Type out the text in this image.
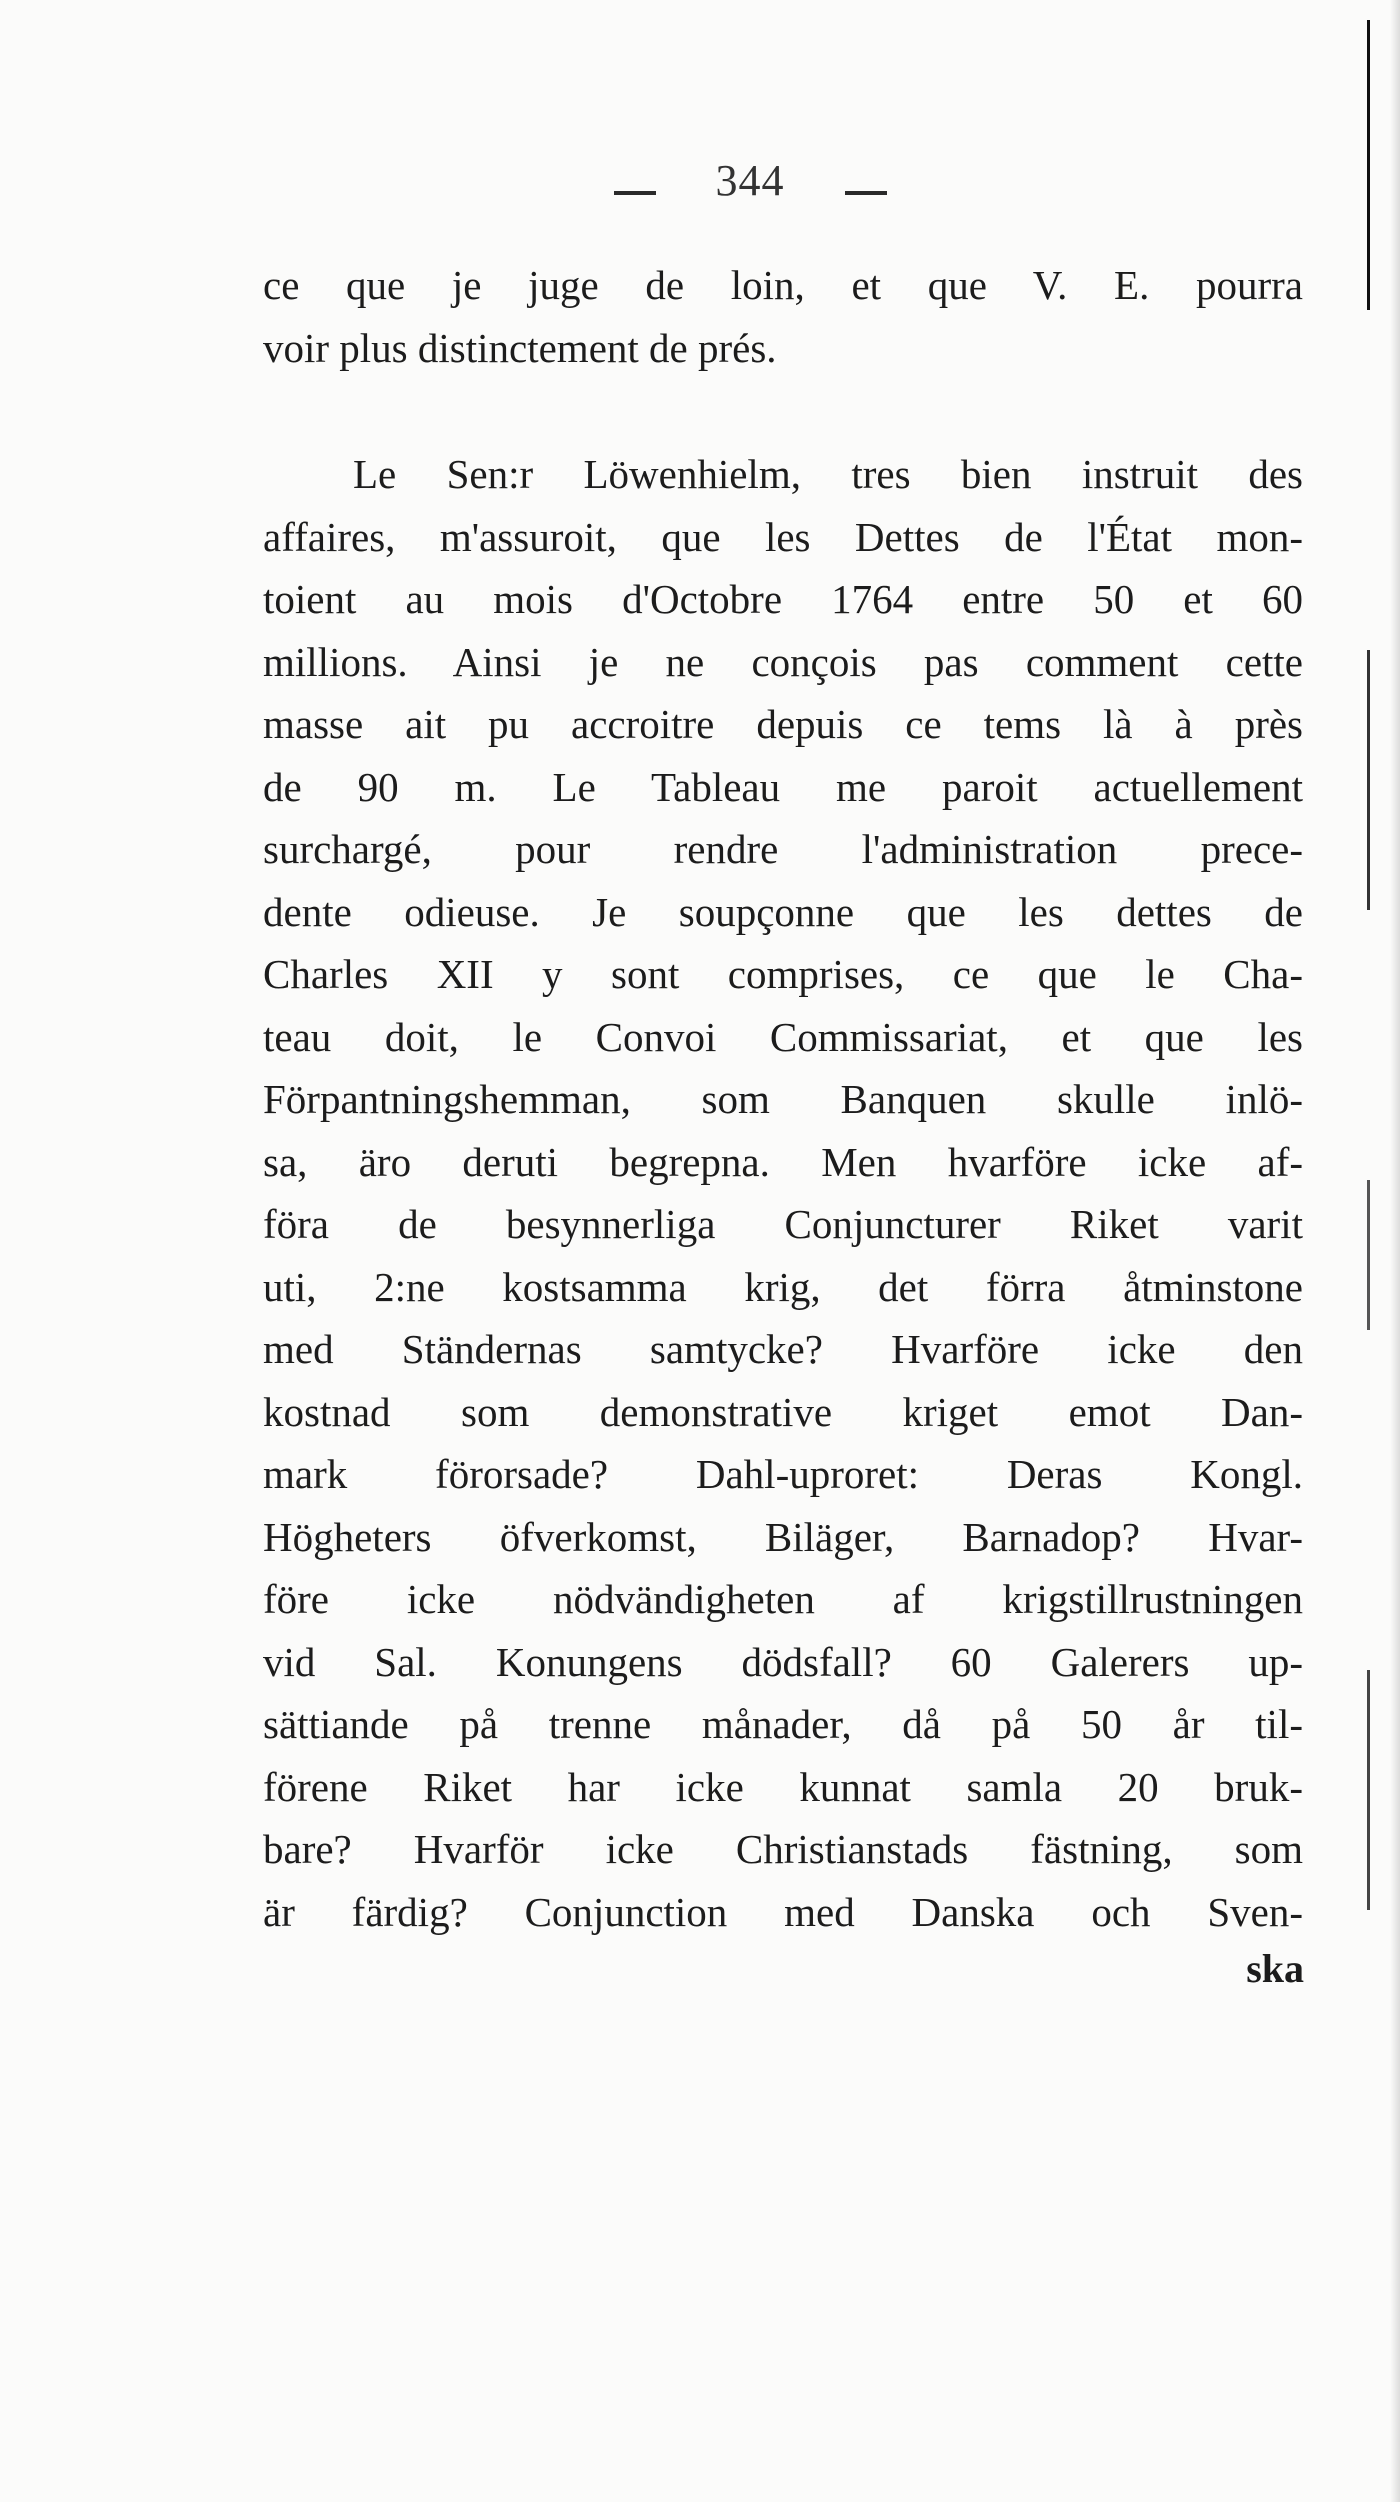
344
ce que je juge de loin, et que V. E. pourra
voir plus distinctement de prés.
Le Sen:r Löwenhielm, tres bien instruit des
affaires, m'assuroit, que les Dettes de l'État mon-
toient au mois d'Octobre 1764 entre 50 et 60
millions. Ainsi je ne conçois pas comment cette
masse ait pu accroitre depuis ce tems là à près
de 90 m. Le Tableau me paroit actuellement
surchargé, pour rendre l'administration prece-
dente odieuse. Je soupçonne que les dettes de
Charles XII y sont comprises, ce que le Cha-
teau doit, le Convoi Commissariat, et que les
Förpantningshemman, som Banquen skulle inlö-
sa, äro deruti begrepna. Men hvarföre icke af-
föra de besynnerliga Conjuncturer Riket varit
uti, 2:ne kostsamma krig, det förra åtminstone
med Ständernas samtycke? Hvarföre icke den
kostnad som demonstrative kriget emot Dan-
mark förorsade? Dahl-uproret: Deras Kongl.
Högheters öfverkomst, Biläger, Barnadop? Hvar-
före icke nödvändigheten af krigstillrustningen
vid Sal. Konungens dödsfall? 60 Galerers up-
sättiande på trenne månader, då på 50 år til-
förene Riket har icke kunnat samla 20 bruk-
bare? Hvarför icke Christianstads fästning, som
är färdig? Conjunction med Danska och Sven-
ska
